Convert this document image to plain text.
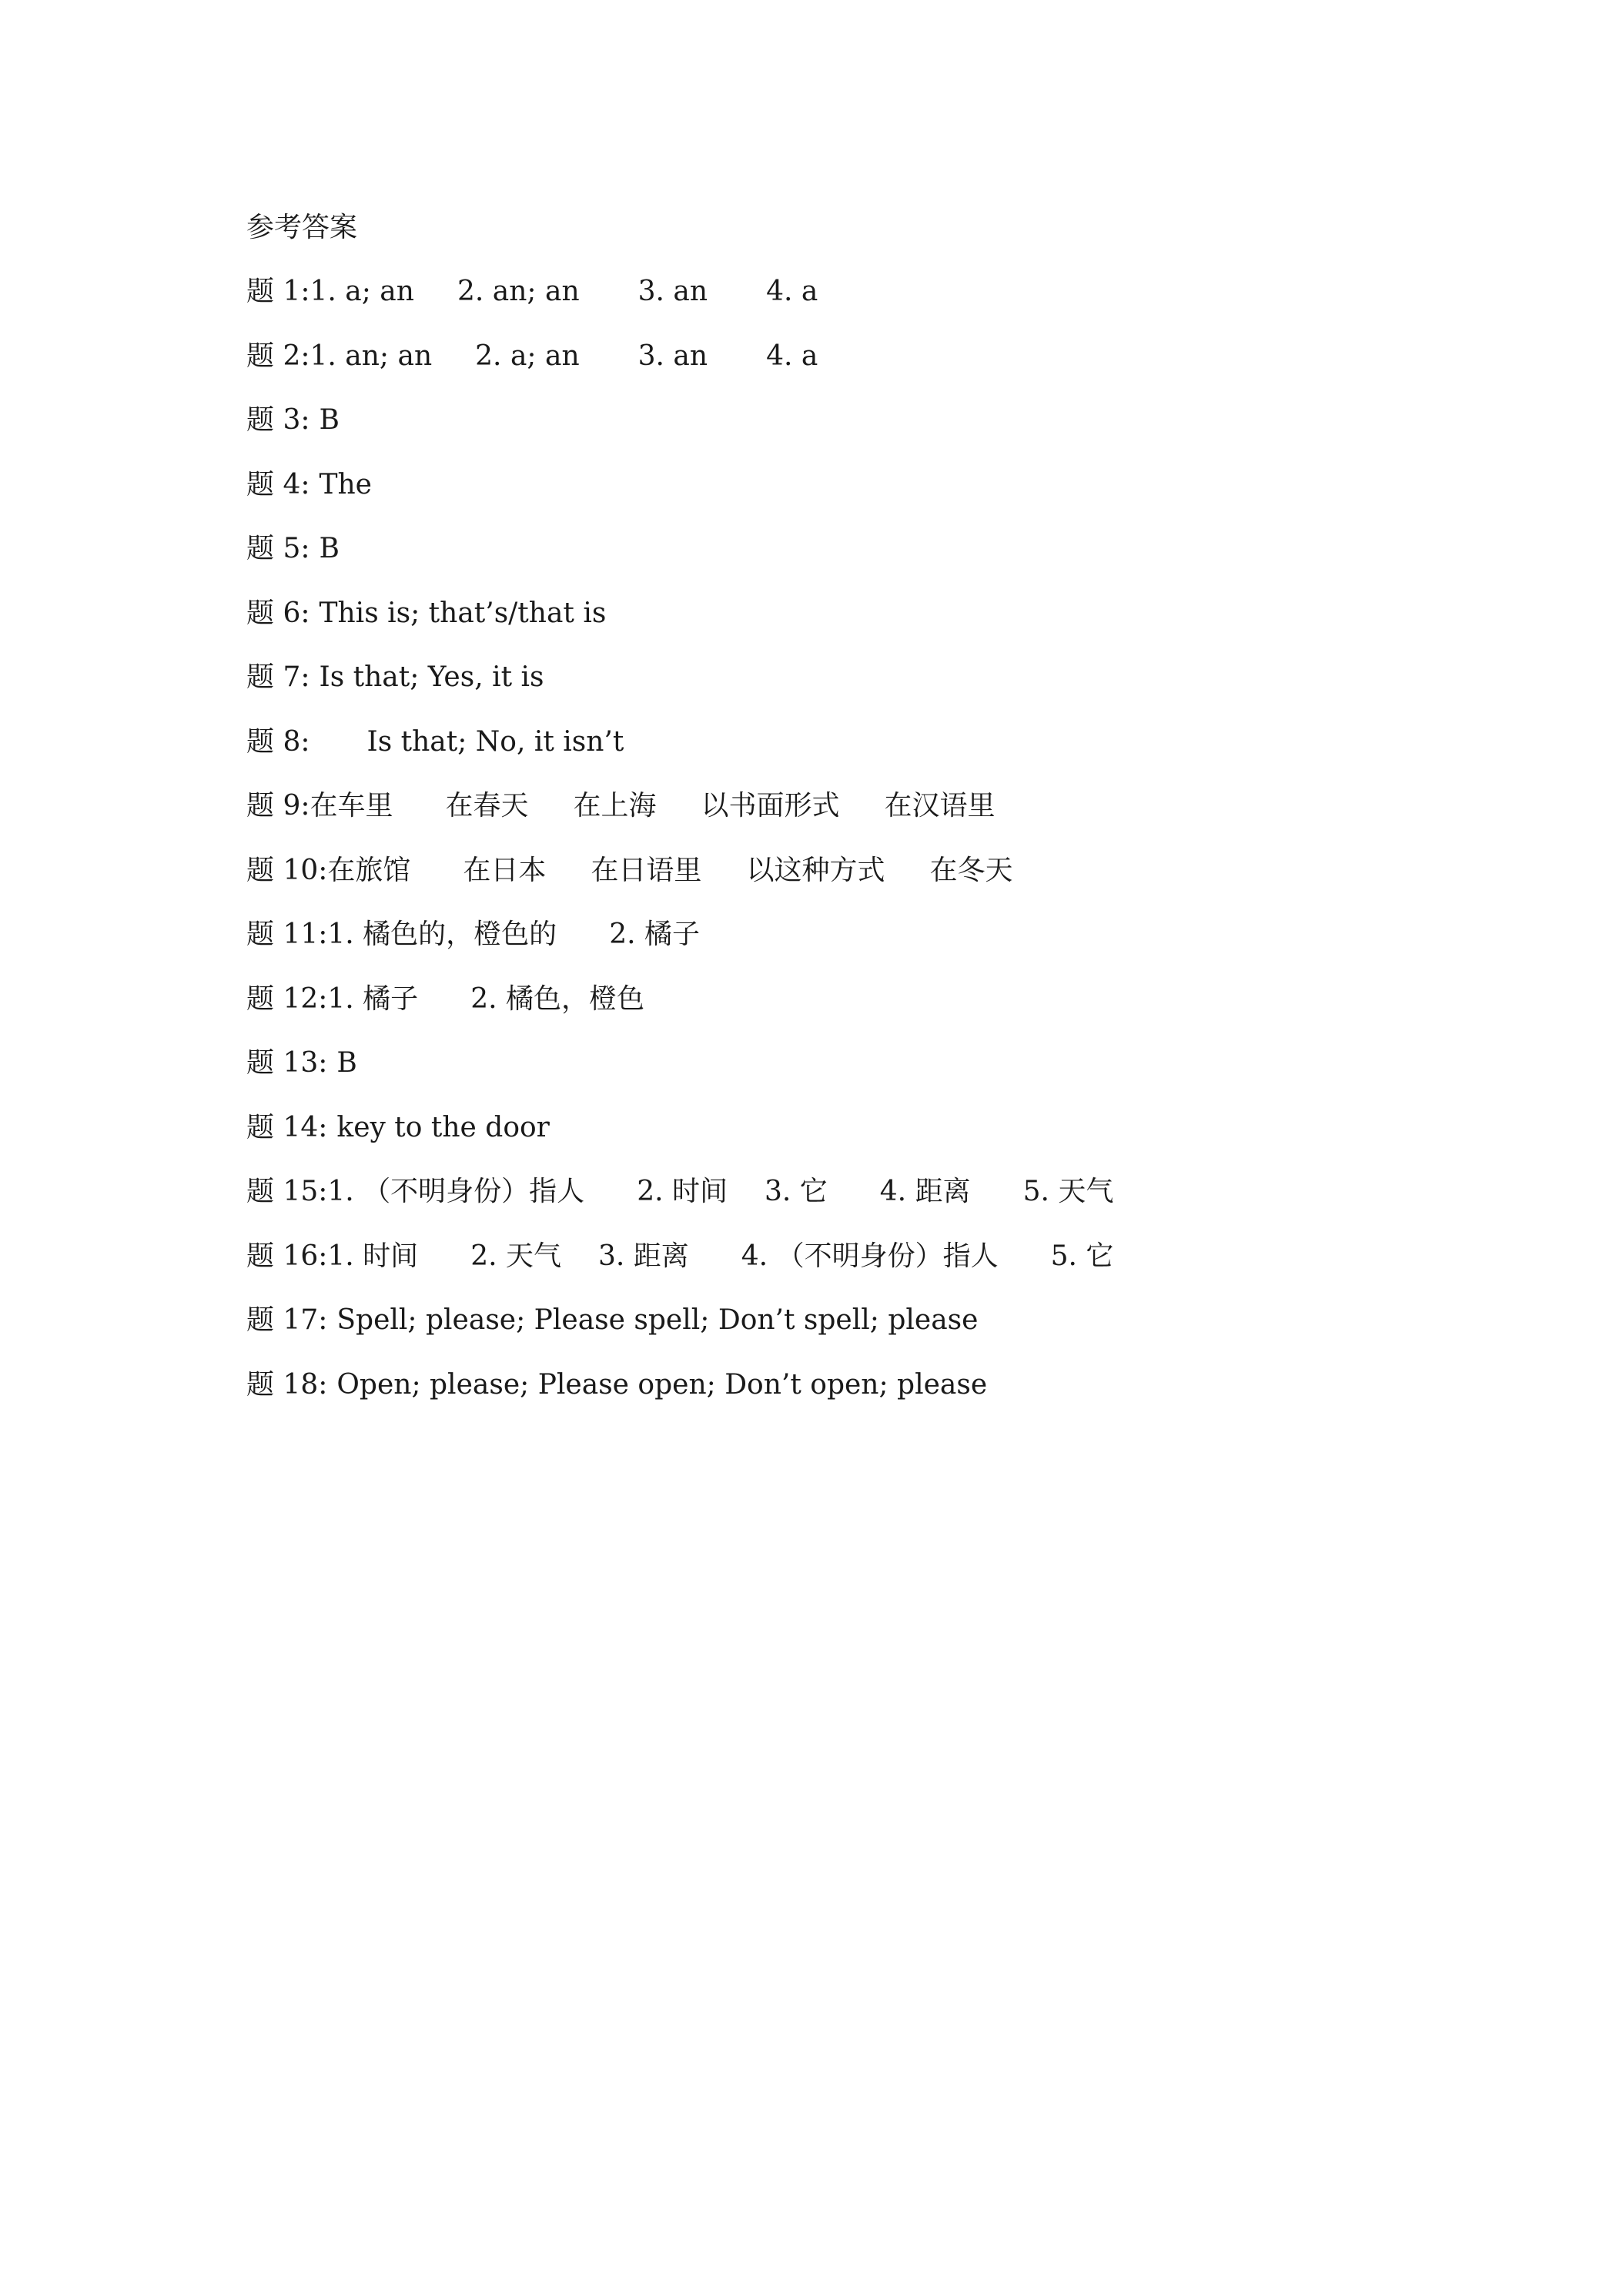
参考答案
题 1: 1. a; an 2. an; an 3. an 4. a
题 2: 1. an; an 2. a; an 3. an 4. a
题 3: B
题 4: The
题 5: B
题 6: This is; that’s/that is
题 7: Is that; Yes, it is
题 8: Is that; No, it isn’t
题 9: 在车里 在春天 在上海 以书面形式 在汉语里
题 10: 在旅馆 在日本 在日语里 以这种方式 在冬天
题 11: 1. 橘色的，橙色的 2. 橘子
题 12: 1. 橘子 2. 橘色，橙色
题 13: B
题 14: key to the door
题 15: 1. （不明身份）指人 2. 时间 3. 它 4. 距离 5. 天气
题 16: 1. 时间 2. 天气 3. 距离 4. （不明身份）指人 5. 它
题 17: Spell; please; Please spell; Don’t spell; please
题 18: Open; please; Please open; Don’t open; please
